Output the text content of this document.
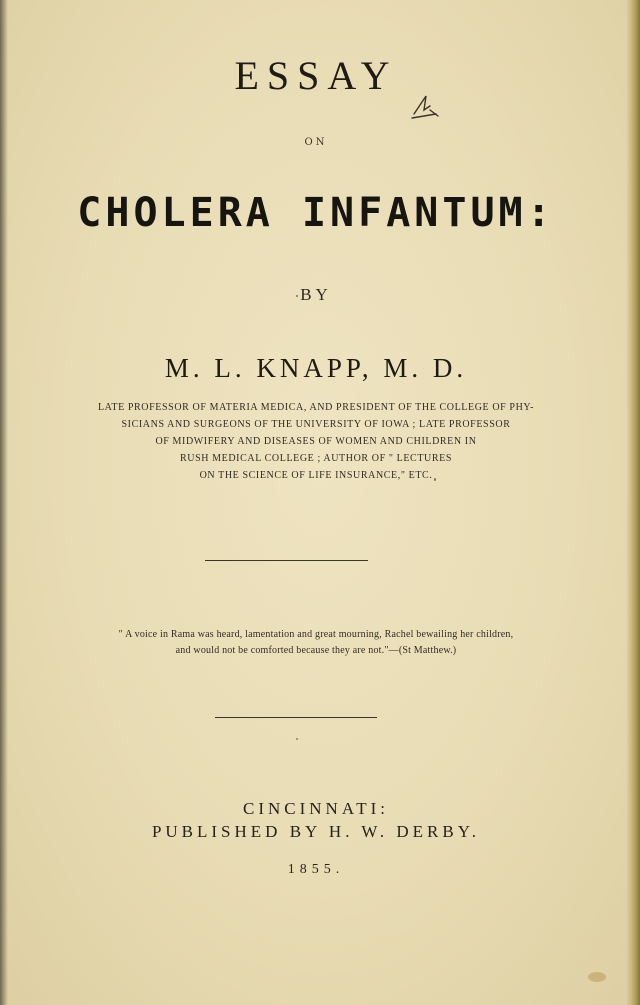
ESSAY
ON
CHOLERA INFANTUM:
BY
M. L. KNAPP, M. D.
LATE PROFESSOR OF MATERIA MEDICA, AND PRESIDENT OF THE COLLEGE OF PHY-
SICIANS AND SURGEONS OF THE UNIVERSITY OF IOWA ; LATE PROFESSOR
OF MIDWIFERY AND DISEASES OF WOMEN AND CHILDREN IN
RUSH MEDICAL COLLEGE ; AUTHOR OF " LECTURES
ON THE SCIENCE OF LIFE INSURANCE," ETC.
" A voice in Rama was heard, lamentation and great mourning, Rachel bewailing her children,
and would not be comforted because they are not."—(St Matthew.)
CINCINNATI:
PUBLISHED BY H. W. DERBY.
1855.
